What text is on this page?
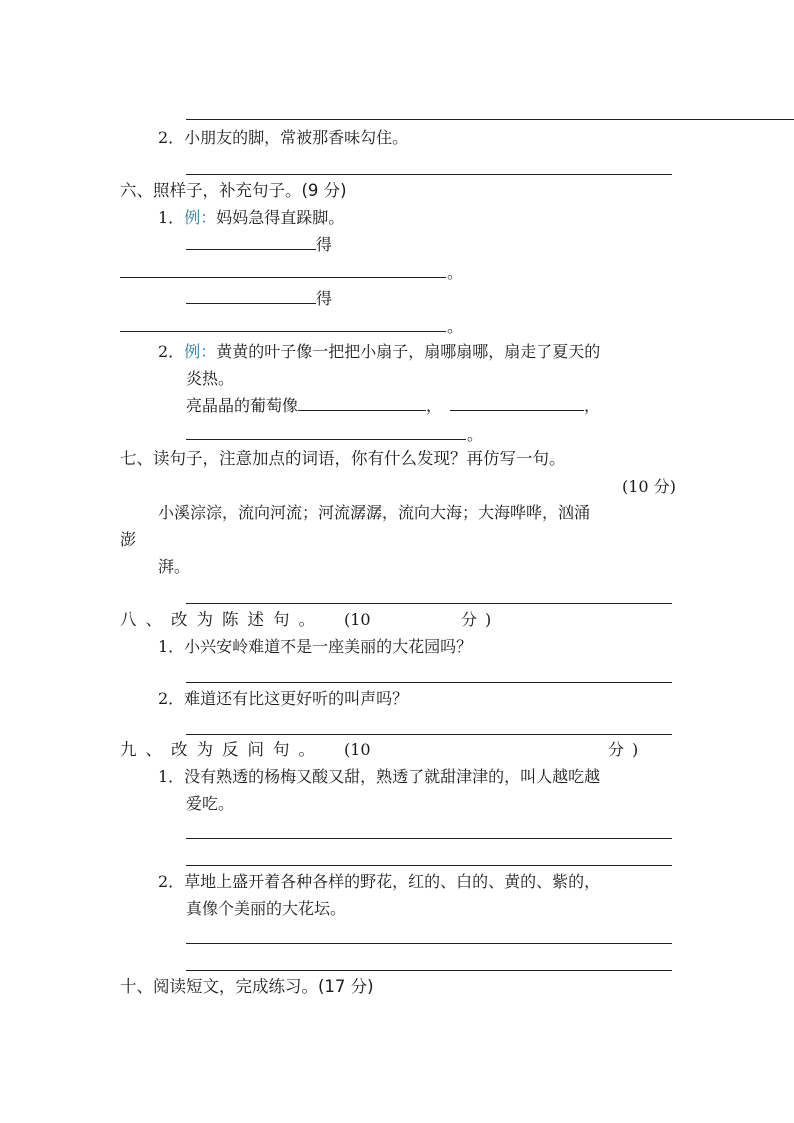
2．小朋友的脚，常被那香味勾住。
六、照样子，补充句子。(9 分)
1．例：妈妈急得直跺脚。
得
。
得
。
2．例：黄黄的叶子像一把把小扇子，扇哪扇哪，扇走了夏天的
炎热。
亮晶晶的葡萄像	，	，
。
七、读句子，注意加点的词语，你有什么发现？再仿写一句。
(10 分)
小溪淙淙，流向河流；河流潺潺，流向大海；大海哗哗，汹涌
澎
湃。
八、改为陈述句。 (10	分)
1．小兴安岭难道不是一座美丽的大花园吗？
2．难道还有比这更好听的叫声吗？
九、改为反问句。 (10	分)
1．没有熟透的杨梅又酸又甜，熟透了就甜津津的，叫人越吃越
爱吃。
2．草地上盛开着各种各样的野花，红的、白的、黄的、紫的，
真像个美丽的大花坛。
十、阅读短文，完成练习。(17 分)
